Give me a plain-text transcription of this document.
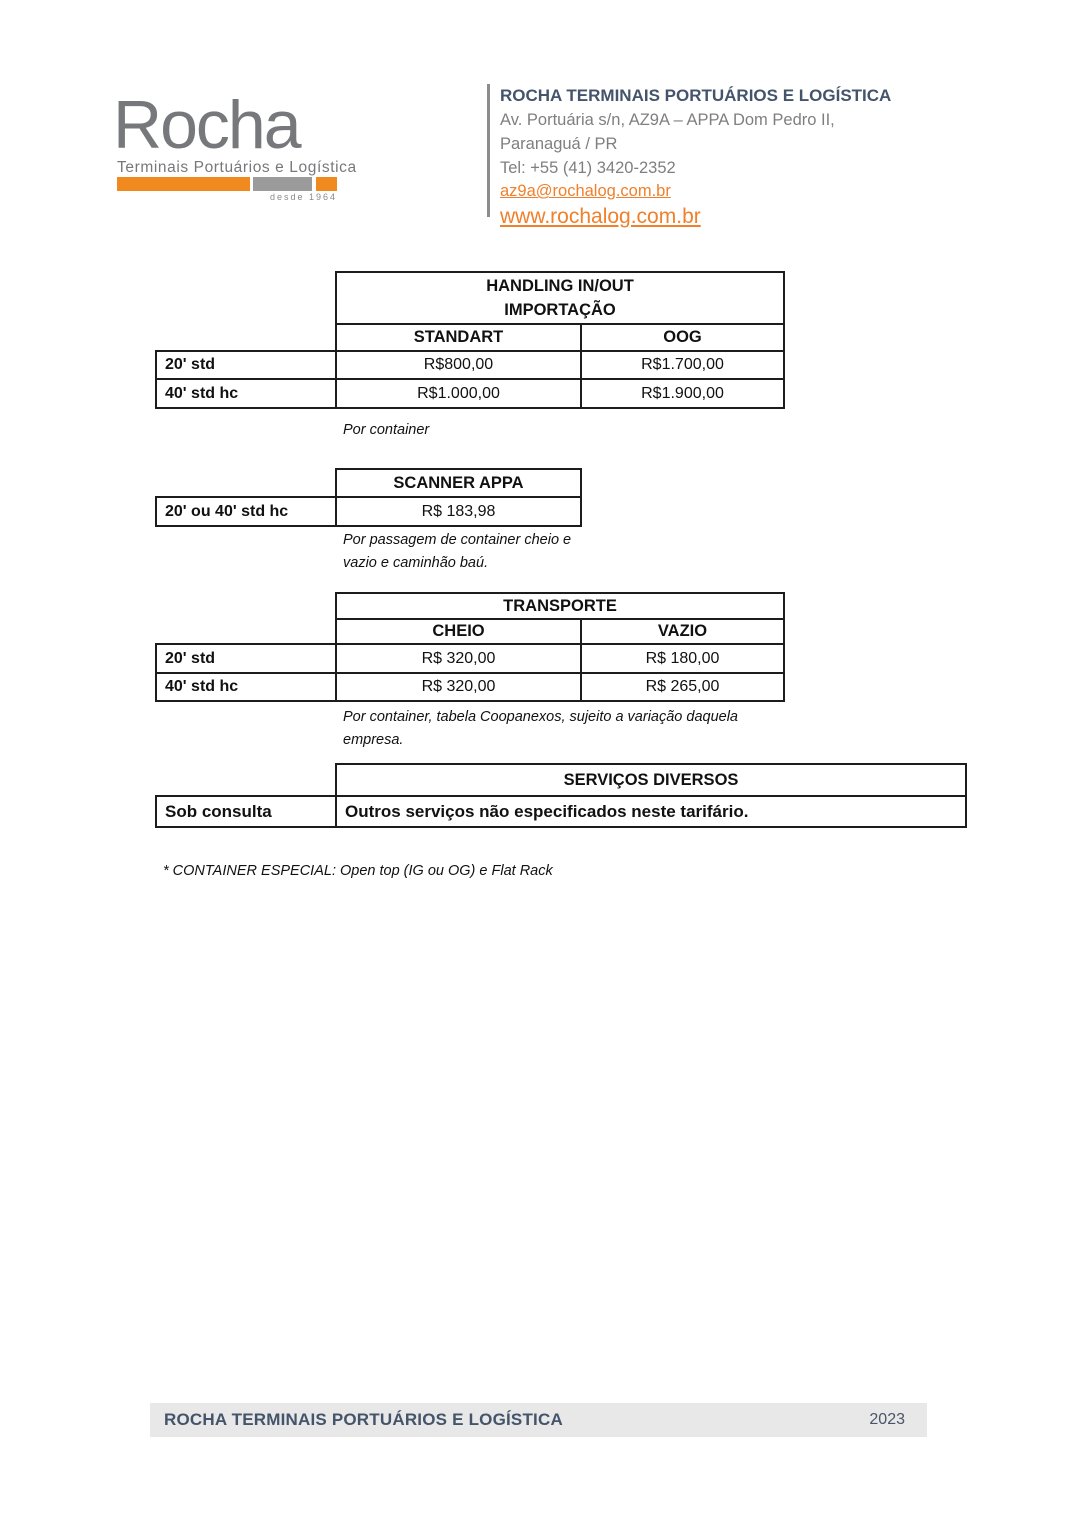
Rocha
Terminais Portuários e Logística
desde 1964
ROCHA TERMINAIS PORTUÁRIOS E LOGÍSTICA
Av. Portuária s/n, AZ9A – APPA Dom Pedro II,
Paranaguá / PR
Tel: +55 (41) 3420-2352
az9a@rochalog.com.br
www.rochalog.com.br
HANDLING IN/OUT
IMPORTAÇÃO
STANDART	OOG
20' std	R$800,00	R$1.700,00
40' std hc	R$1.000,00	R$1.900,00
Por container
SCANNER APPA
20' ou 40' std hc	R$ 183,98
Por passagem de container cheio e
vazio e caminhão baú.
TRANSPORTE
CHEIO	VAZIO
20' std	R$ 320,00	R$ 180,00
40' std hc	R$ 320,00	R$ 265,00
Por container, tabela Coopanexos, sujeito a variação daquela
empresa.
SERVIÇOS DIVERSOS
Sob consulta	Outros serviços não especificados neste tarifário.
* CONTAINER ESPECIAL: Open top (IG ou OG) e Flat Rack
ROCHA TERMINAIS PORTUÁRIOS E LOGÍSTICA	2023
